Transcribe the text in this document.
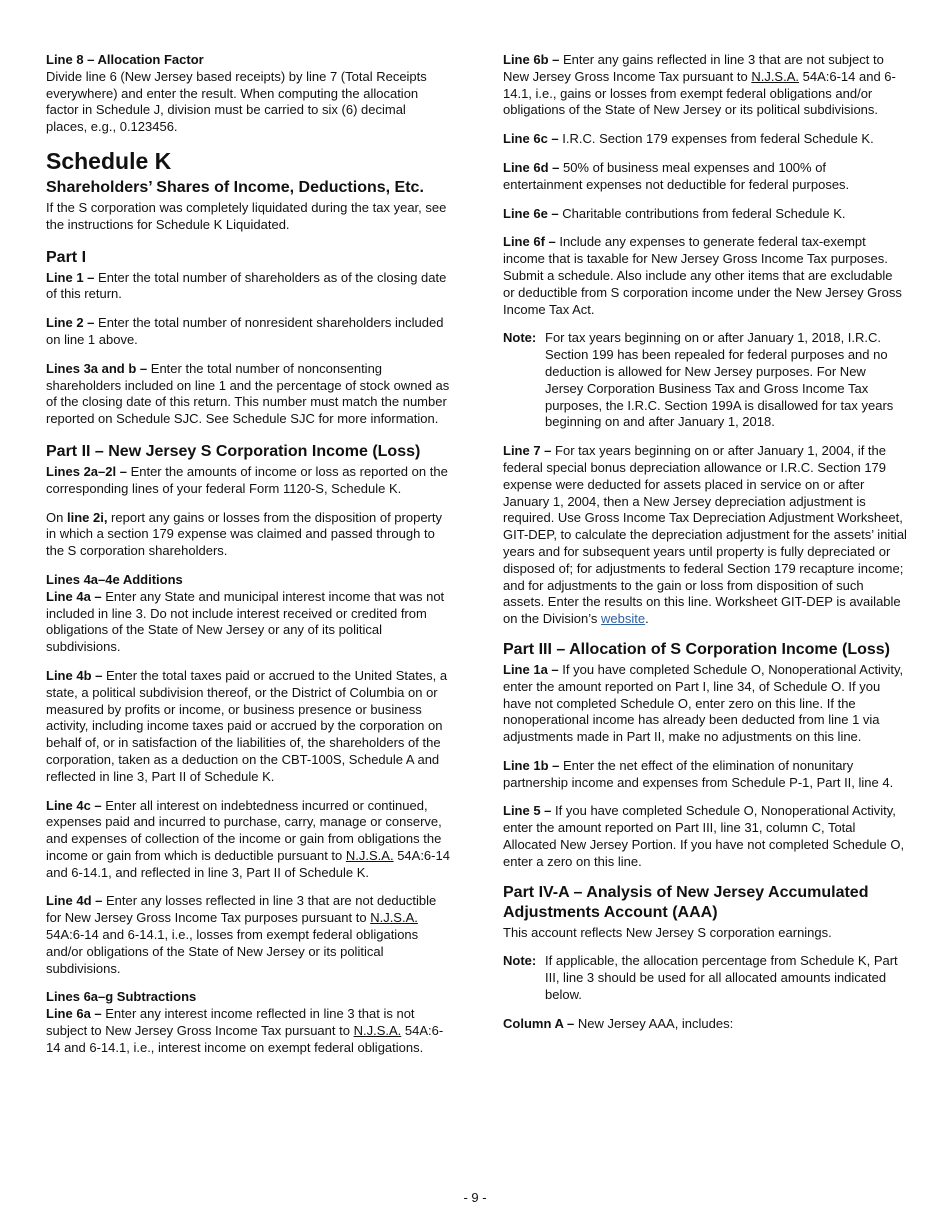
Line 8 – Allocation Factor
Divide line 6 (New Jersey based receipts) by line 7 (Total Receipts everywhere) and enter the result. When computing the allocation factor in Schedule J, division must be carried to six (6) decimal places, e.g., 0.123456.

Schedule K
Shareholders’ Shares of Income, Deductions, Etc.

If the S corporation was completely liquidated during the tax year, see the instructions for Schedule K Liquidated.

Part I

Line 1 – Enter the total number of shareholders as of the closing date of this return.

Line 2 – Enter the total number of nonresident shareholders included on line 1 above.

Lines 3a and b – Enter the total number of nonconsenting shareholders included on line 1 and the percentage of stock owned as of the closing date of this return. This number must match the number reported on Schedule SJC. See Schedule SJC for more information.

Part II – New Jersey S Corporation Income (Loss)

Lines 2a–2l – Enter the amounts of income or loss as reported on the corresponding lines of your federal Form 1120-S, Schedule K.

On line 2i, report any gains or losses from the disposition of property in which a section 179 expense was claimed and passed through to the S corporation shareholders.

Lines 4a–4e Additions

Line 4a – Enter any State and municipal interest income that was not included in line 3. Do not include interest received or credited from obligations of the State of New Jersey or any of its political subdivisions.

Line 4b – Enter the total taxes paid or accrued to the United States, a state, a political subdivision thereof, or the District of Columbia on or measured by profits or income, or business presence or business activity, including income taxes paid or accrued by the corporation on behalf of, or in satisfaction of the liabilities of, the shareholders of the corporation, taken as a deduction on the CBT-100S, Schedule A and reflected in line 3, Part II of Schedule K.

Line 4c – Enter all interest on indebtedness incurred or continued, expenses paid and incurred to purchase, carry, manage or conserve, and expenses of collection of the income or gain from obligations the income or gain from which is deductible pursuant to N.J.S.A. 54A:6-14 and 6-14.1, and reflected in line 3, Part II of Schedule K.

Line 4d – Enter any losses reflected in line 3 that are not deductible for New Jersey Gross Income Tax purposes pursuant to N.J.S.A. 54A:6-14 and 6-14.1, i.e., losses from exempt federal obligations and/or obligations of the State of New Jersey or its political subdivisions.

Lines 6a–g Subtractions

Line 6a – Enter any interest income reflected in line 3 that is not subject to New Jersey Gross Income Tax pursuant to N.J.S.A. 54A:6-14 and 6-14.1, i.e., interest income on exempt federal obligations.

Line 6b – Enter any gains reflected in line 3 that are not subject to New Jersey Gross Income Tax pursuant to N.J.S.A. 54A:6-14 and 6-14.1, i.e., gains or losses from exempt federal obligations and/or obligations of the State of New Jersey or its political subdivisions.

Line 6c – I.R.C. Section 179 expenses from federal Schedule K.

Line 6d – 50% of business meal expenses and 100% of entertainment expenses not deductible for federal purposes.

Line 6e – Charitable contributions from federal Schedule K.

Line 6f – Include any expenses to generate federal tax-exempt income that is taxable for New Jersey Gross Income Tax purposes. Submit a schedule. Also include any other items that are excludable or deductible from S corporation income under the New Jersey Gross Income Tax Act.

Note: For tax years beginning on or after January 1, 2018, I.R.C. Section 199 has been repealed for federal purposes and no deduction is allowed for New Jersey purposes. For New Jersey Corporation Business Tax and Gross Income Tax purposes, the I.R.C. Section 199A is disallowed for tax years beginning on and after January 1, 2018.

Line 7 – For tax years beginning on or after January 1, 2004, if the federal special bonus depreciation allowance or I.R.C. Section 179 expense were deducted for assets placed in service on or after January 1, 2004, then a New Jersey depreciation adjustment is required. Use Gross Income Tax Depreciation Adjustment Worksheet, GIT-DEP, to calculate the depreciation adjustment for the assets’ initial years and for subsequent years until property is fully depreciated or disposed of; for adjustments to federal Section 179 recapture income; and for adjustments to the gain or loss from disposition of such assets. Enter the results on this line. Worksheet GIT-DEP is available on the Division’s website.

Part III – Allocation of S Corporation Income (Loss)

Line 1a – If you have completed Schedule O, Nonoperational Activity, enter the amount reported on Part I, line 34, of Schedule O. If you have not completed Schedule O, enter zero on this line. If the nonoperational income has already been deducted from line 1 via adjustments made in Part II, make no adjustments on this line.

Line 1b – Enter the net effect of the elimination of nonunitary partnership income and expenses from Schedule P-1, Part II, line 4.

Line 5 – If you have completed Schedule O, Nonoperational Activity, enter the amount reported on Part III, line 31, column C, Total Allocated New Jersey Portion. If you have not completed Schedule O, enter a zero on this line.

Part IV-A – Analysis of New Jersey Accumulated Adjustments Account (AAA)

This account reflects New Jersey S corporation earnings.

Note: If applicable, the allocation percentage from Schedule K, Part III, line 3 should be used for all allocated amounts indicated below.

Column A – New Jersey AAA, includes:

- 9 -
